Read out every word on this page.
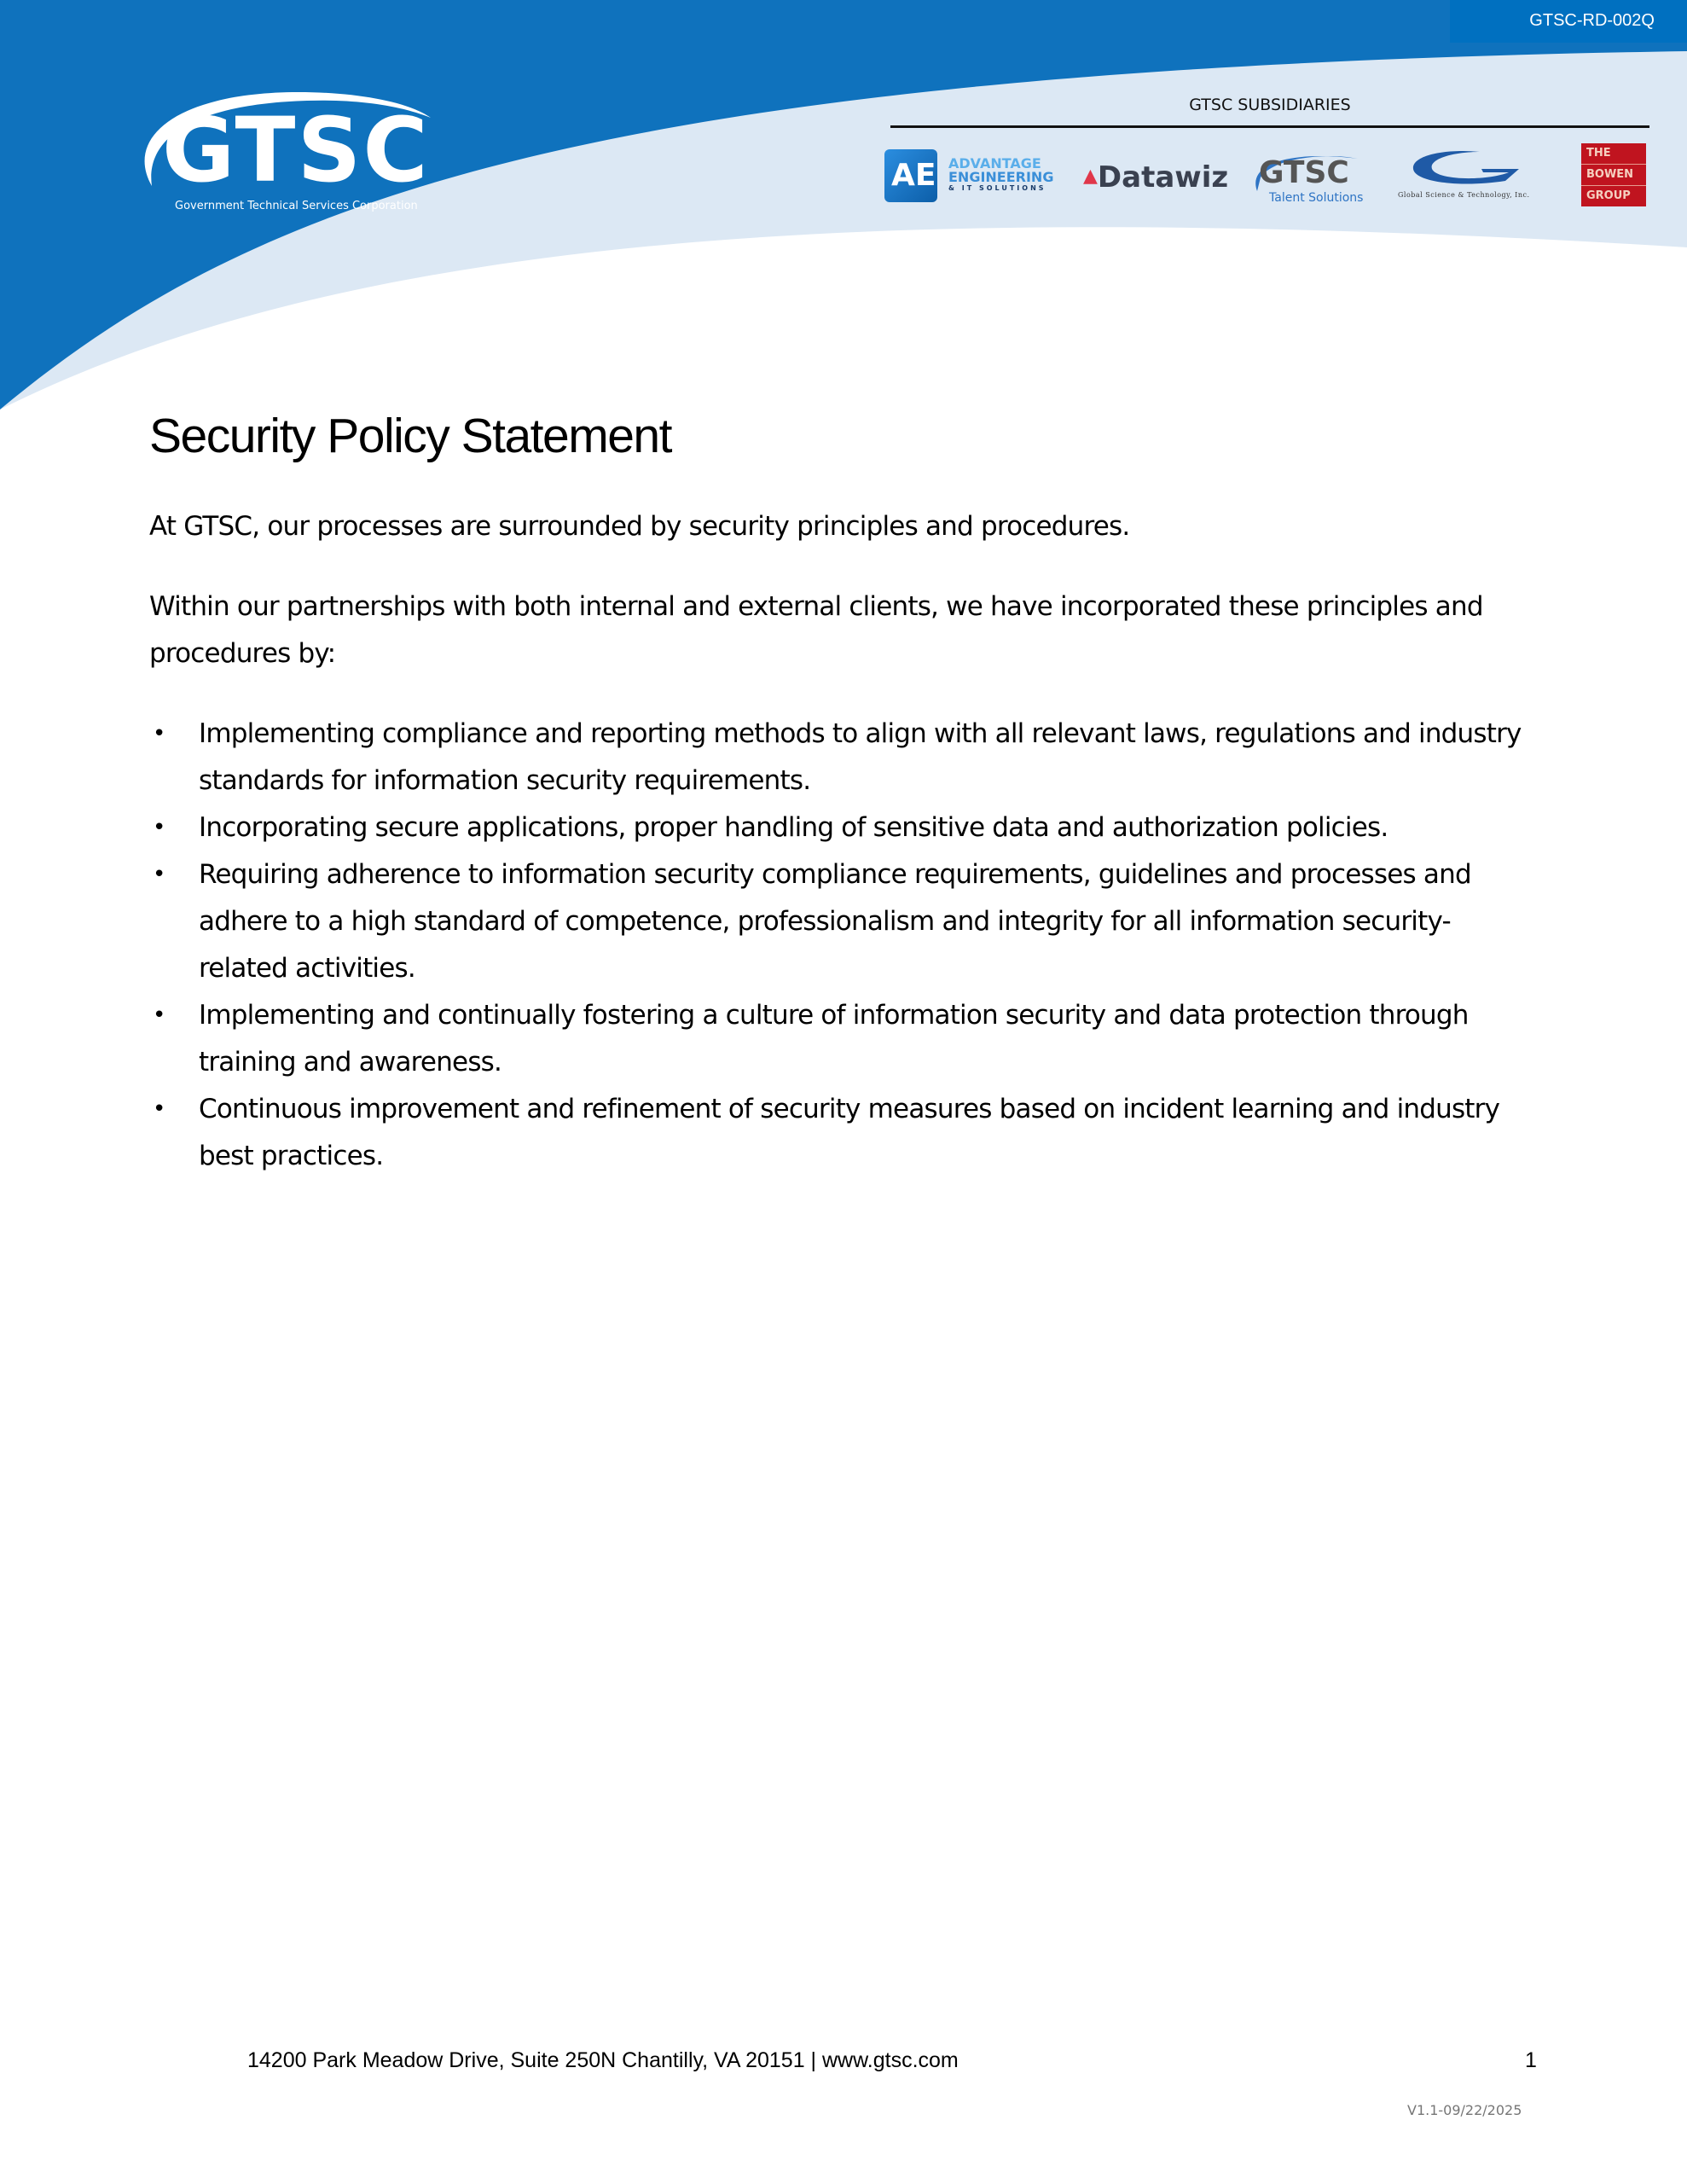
GTSC-RD-002Q
GTSC
Government Technical Services Corporation
GTSC SUBSIDIARIES
AE ADVANTAGE
ENGINEERING
& IT SOLUTIONS
▲Datawiz GTSC
Talent Solutions	Global Science & Technology, Inc.
THE
BOWEN
GROUP
Security Policy Statement

At GTSC, our processes are surrounded by security principles and procedures.

Within our partnerships with both internal and external clients, we have incorporated these principles and procedures by:

• Implementing compliance and reporting methods to align with all relevant laws, regulations and industry standards for information security requirements.
• Incorporating secure applications, proper handling of sensitive data and authorization policies.
• Requiring adherence to information security compliance requirements, guidelines and processes and adhere to a high standard of competence, professionalism and integrity for all information security-related activities.
• Implementing and continually fostering a culture of information security and data protection through training and awareness.
• Continuous improvement and refinement of security measures based on incident learning and industry best practices.
14200 Park Meadow Drive, Suite 250N Chantilly, VA 20151 | www.gtsc.com	1
V1.1-09/22/2025
